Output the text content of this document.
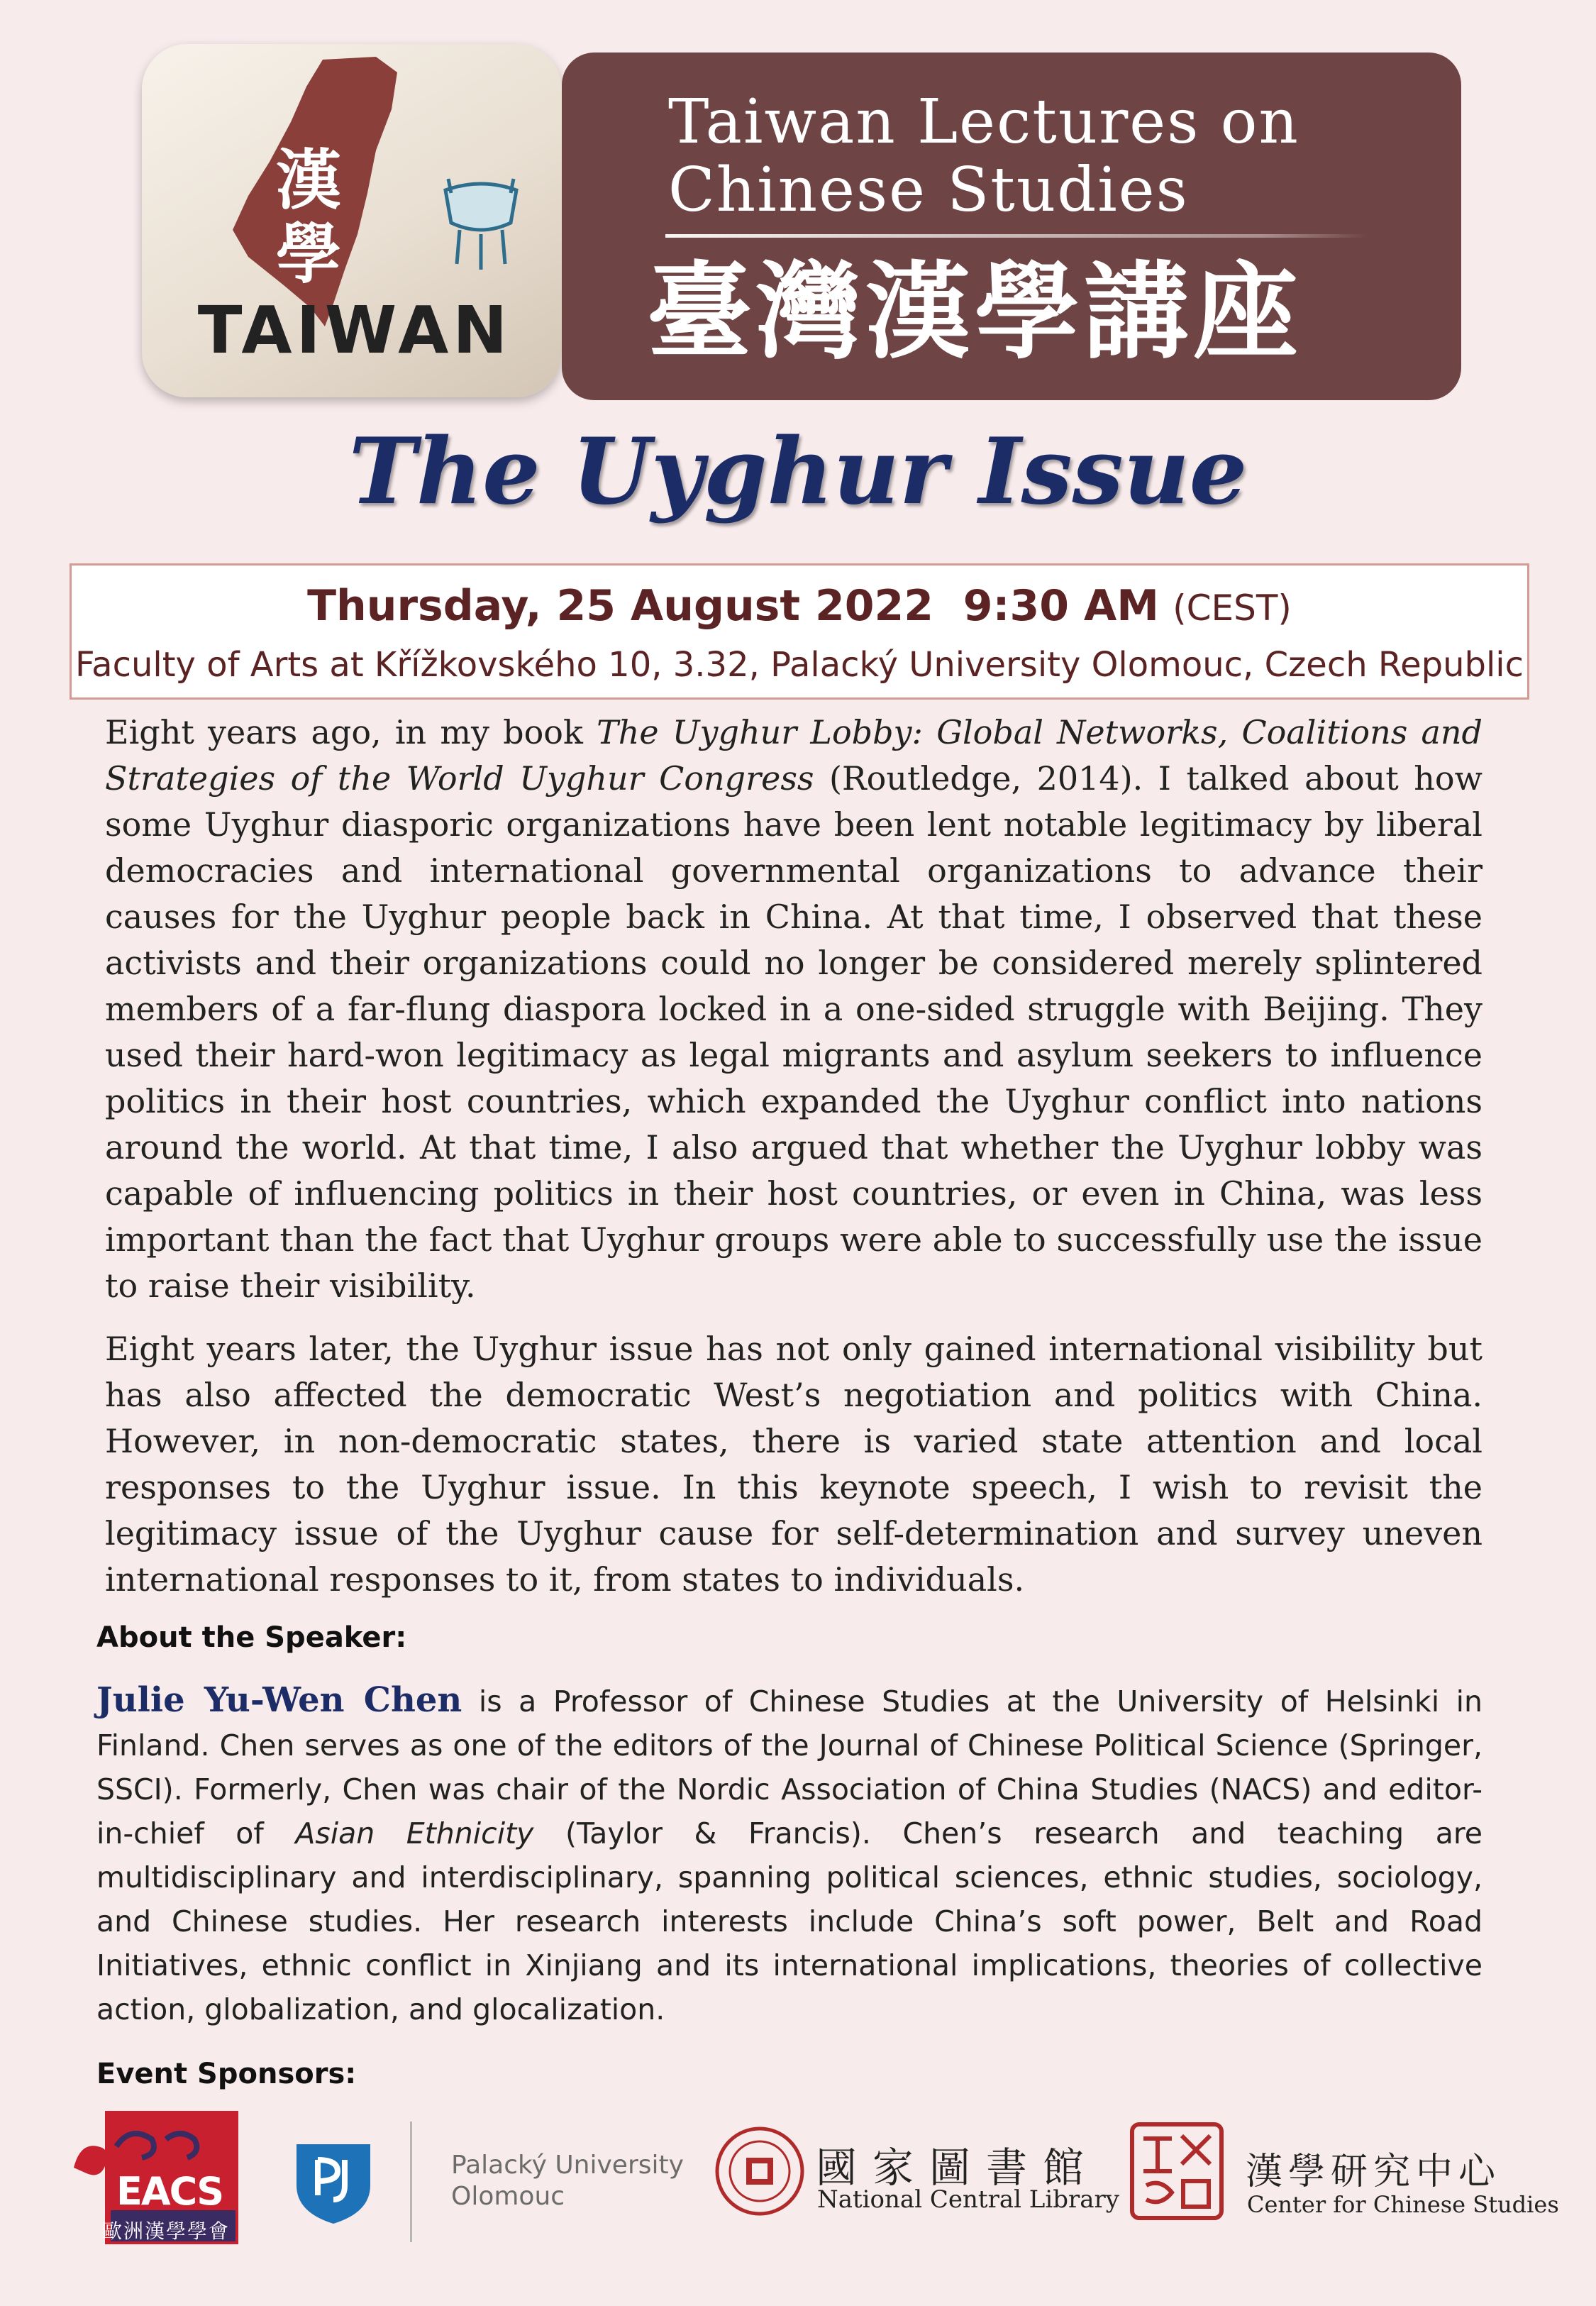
漢學
TAIWAN
Taiwan Lectures on
Chinese Studies
臺灣漢學講座
The Uyghur Issue
Thursday, 25 August 2022  9:30 AM (CEST)
Faculty of Arts at Křížkovského 10, 3.32, Palacký University Olomouc, Czech Republic

Eight years ago, in my book The Uyghur Lobby: Global Networks, Coalitions and Strategies of the World Uyghur Congress (Routledge, 2014). I talked about how some Uyghur diasporic organizations have been lent notable legitimacy by liberal democracies and international governmental organizations to advance their causes for the Uyghur people back in China. At that time, I observed that these activists and their organizations could no longer be considered merely splintered members of a far-flung diaspora locked in a one-sided struggle with Beijing. They used their hard-won legitimacy as legal migrants and asylum seekers to influence politics in their host countries, which expanded the Uyghur conflict into nations around the world. At that time, I also argued that whether the Uyghur lobby was capable of influencing politics in their host countries, or even in China, was less important than the fact that Uyghur groups were able to successfully use the issue to raise their visibility.

Eight years later, the Uyghur issue has not only gained international visibility but has also affected the democratic West’s negotiation and politics with China. However, in non-democratic states, there is varied state attention and local responses to the Uyghur issue. In this keynote speech, I wish to revisit the legitimacy issue of the Uyghur cause for self-determination and survey uneven international responses to it, from states to individuals.

About the Speaker:
Julie Yu-Wen Chen is a Professor of Chinese Studies at the University of Helsinki in Finland. Chen serves as one of the editors of the Journal of Chinese Political Science (Springer, SSCI). Formerly, Chen was chair of the Nordic Association of China Studies (NACS) and editor-in-chief of Asian Ethnicity (Taylor & Francis). Chen’s research and teaching are multidisciplinary and interdisciplinary, spanning political sciences, ethnic studies, sociology, and Chinese studies. Her research interests include China’s soft power, Belt and Road Initiatives, ethnic conflict in Xinjiang and its international implications, theories of collective action, globalization, and glocalization.
Event Sponsors:
EACS
歐洲漢學學會
Palacký University
Olomouc
國家圖書館
National Central Library
漢學研究中心
Center for Chinese Studies
